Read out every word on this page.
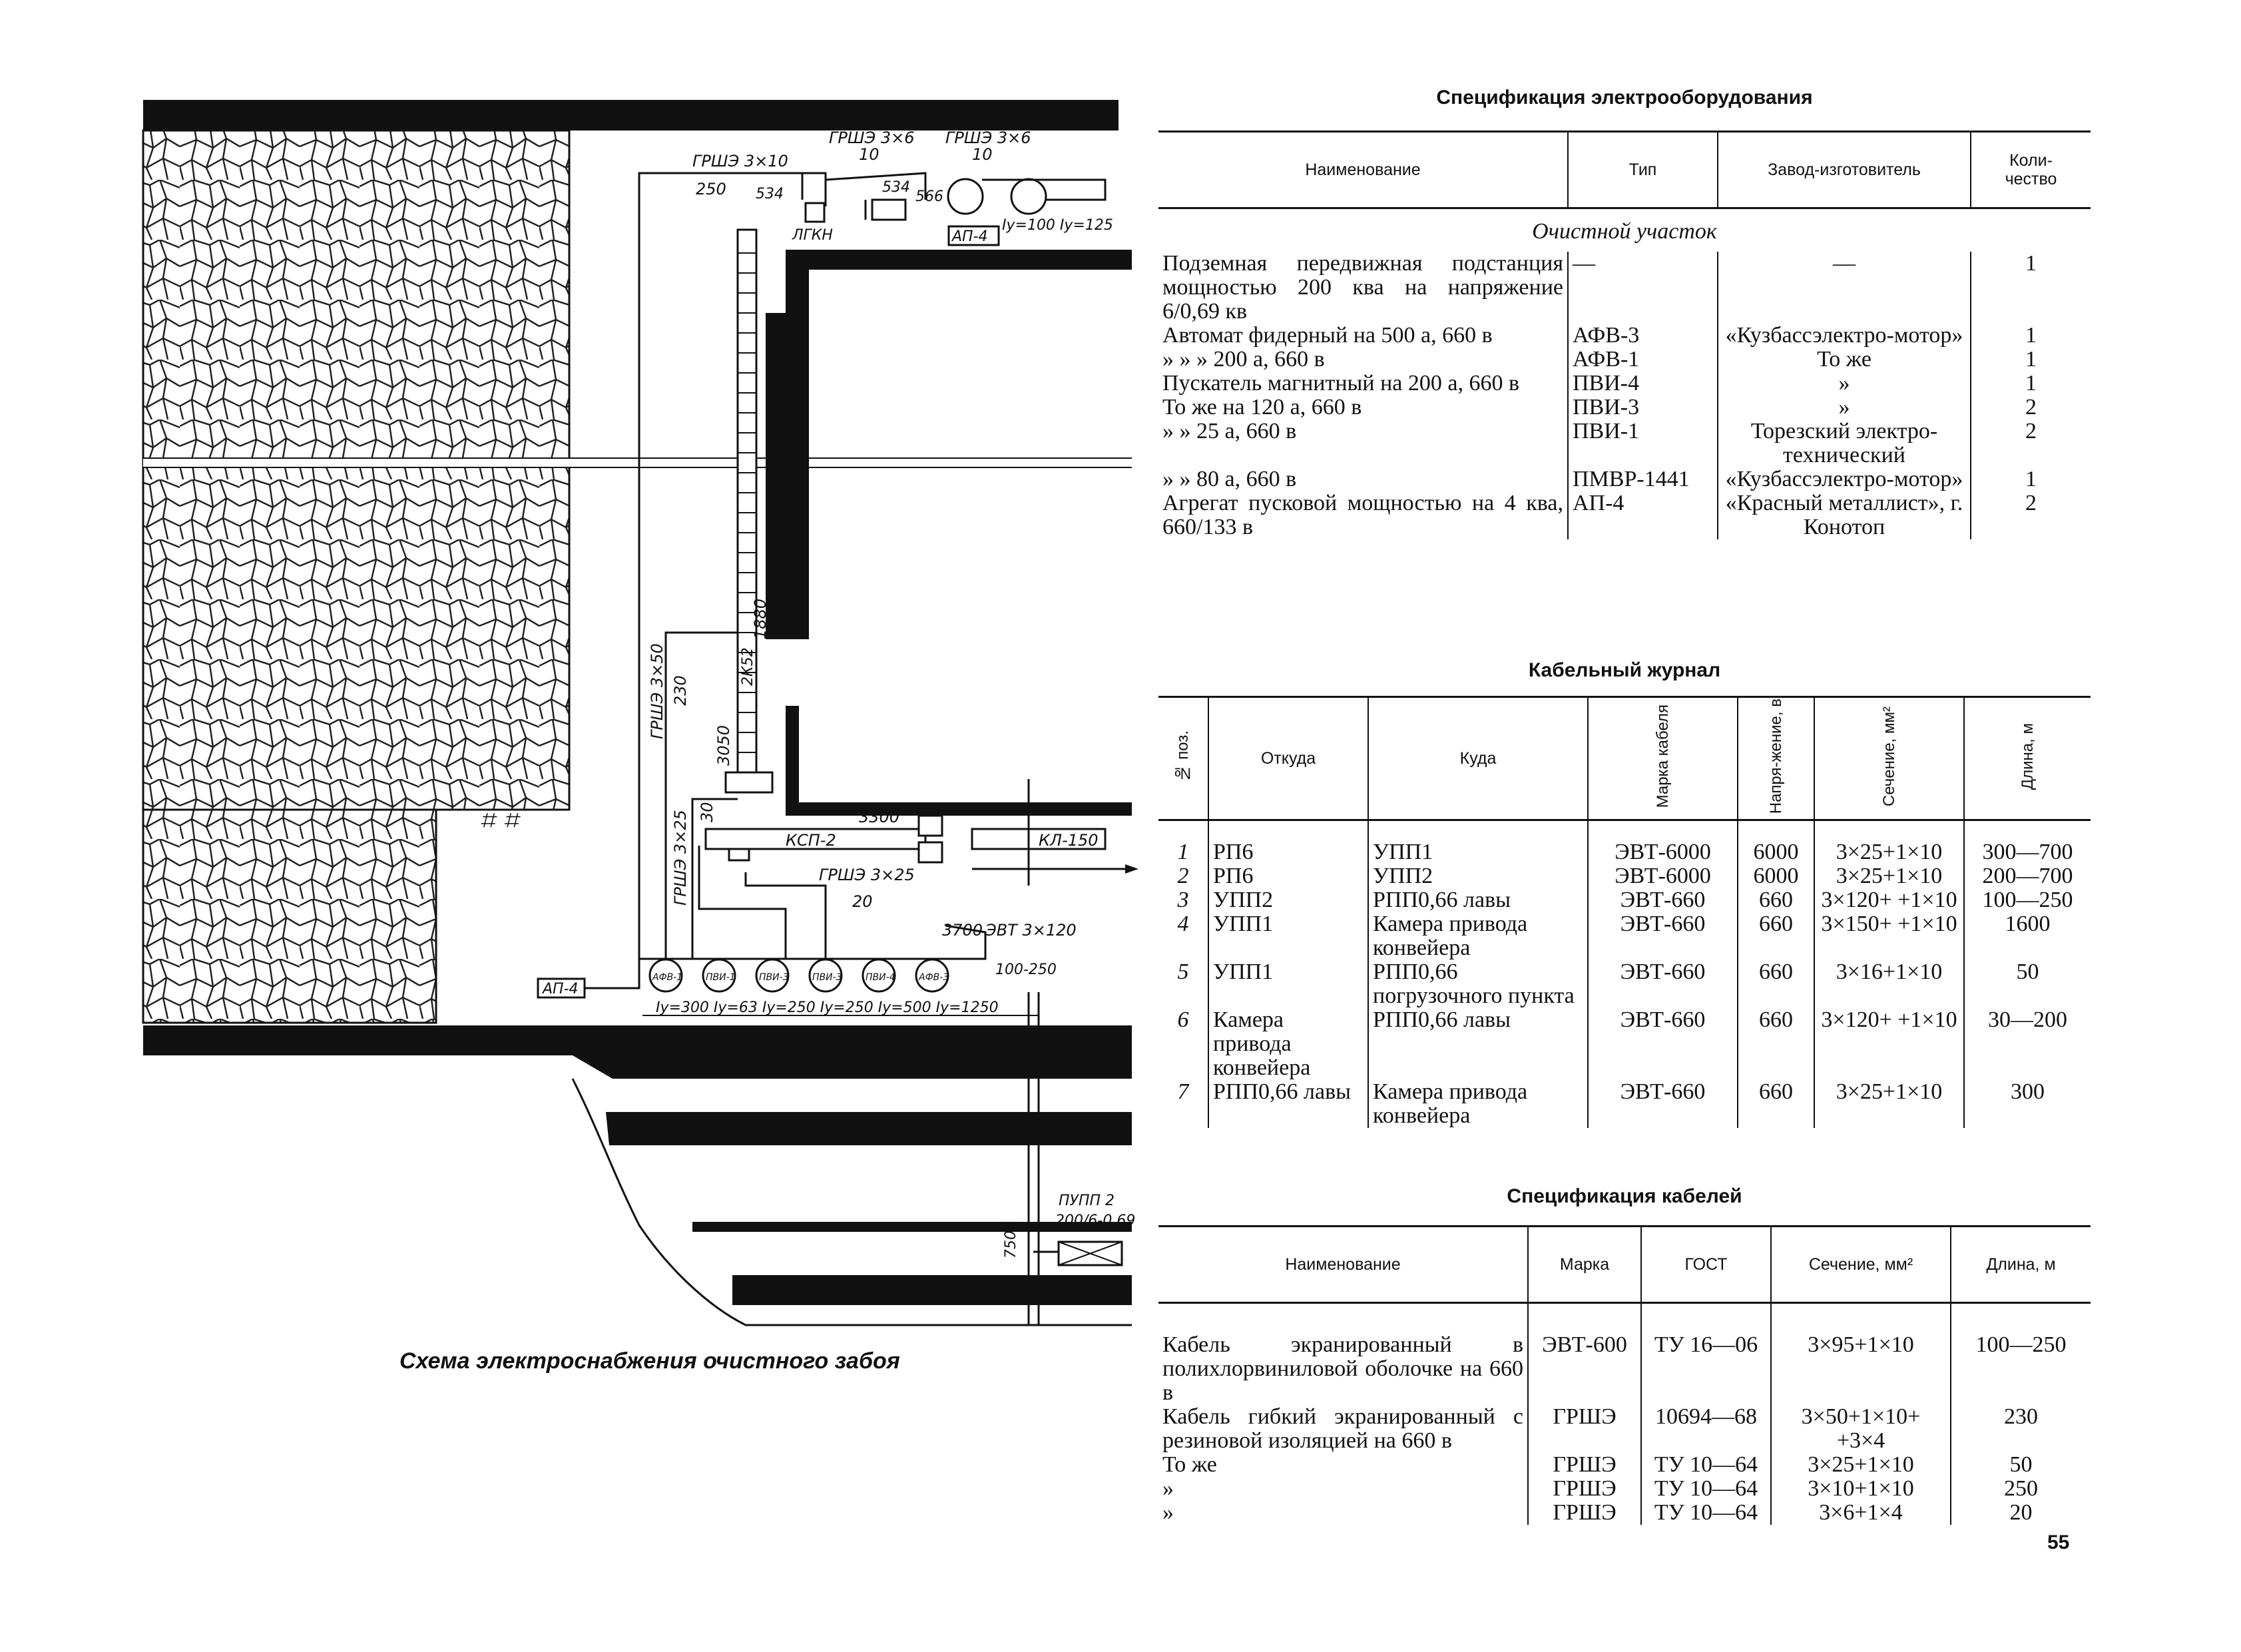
⌗ ⌗
АФВ-1 ПВИ-1	ПВИ-3	ПВИ-3	ПВИ-4	АФВ-3
ГРШЭ 3×10
250
ГРШЭ 3×6
10
ГРШЭ 3×6
10
534	534
566
ЛГКН	АП-4
Iу=100 Iу=125
СПМ-87Б
1880
2К52
ГРШЭ 3×50 230
3050
ГРШЭ 3×25 30	3300
КСП-2	КЛ-150
ГРШЭ 3×25
20
3700 ЭВТ 3×120
100-250
АП-4
Iу=300 Iу=63 Iу=250 Iу=250 Iу=500 Iу=1250
ПУПП 2
200/6-0,69
7500
Схема электроснабжения очистного забоя
Спецификация электрооборудования
Наименование	Тип	Завод-изготовитель	Коли-
чество
Очистной участок			
Подземная передвижная подстанция мощностью 200 ква на напряжение 6/0,69 кв	—	—	1
Автомат фидерный на 500 а, 660 в	АФВ-3	«Кузбассэлектро-мотор»	1
» » » 200 а, 660 в	АФВ-1	То же	1
Пускатель магнитный на 200 а, 660 в	ПВИ-4	»	1
То же на 120 а, 660 в	ПВИ-3	»	2
» » 25 а, 660 в	ПВИ-1	Торезский электро-технический	2
» » 80 а, 660 в	ПМВР-1441	«Кузбассэлектро-мотор»	1
Агрегат пусковой мощностью на 4 ква, 660/133 в	АП-4	«Красный металлист», г. Конотоп	2
Кабельный журнал
№ поз.	Откуда	Куда	Марка кабеля	Напря-жение, в	Сечение, мм²	Длина, м

1	РП6	УПП1	ЭВТ-6000	6000	3×25+1×10	300—700
2	РП6	УПП2	ЭВТ-6000	6000	3×25+1×10	200—700
3	УПП2	РПП0,66 лавы	ЭВТ-660	660	3×120+ +1×10	100—250
4	УПП1	Камера привода конвейера	ЭВТ-660	660	3×150+ +1×10	1600
5	УПП1	РПП0,66 погрузочного пункта	ЭВТ-660	660	3×16+1×10	50
6	Камера привода конвейера	РПП0,66 лавы	ЭВТ-660	660	3×120+ +1×10	30—200
7	РПП0,66 лавы	Камера привода конвейера	ЭВТ-660	660	3×25+1×10	300
Спецификация кабелей
Наименование	Марка	ГОСТ	Сечение, мм²	Длина, м

Кабель экранированный в полихлорвиниловой оболочке на 660 в	ЭВТ-600	ТУ 16—06	3×95+1×10	100—250
Кабель гибкий экранированный с резиновой изоляцией на 660 в	ГРШЭ	10694—68	3×50+1×10+ +3×4	230
То же	ГРШЭ	ТУ 10—64	3×25+1×10	50
»	ГРШЭ	ТУ 10—64	3×10+1×10	250
»	ГРШЭ	ТУ 10—64	3×6+1×4	20
55
